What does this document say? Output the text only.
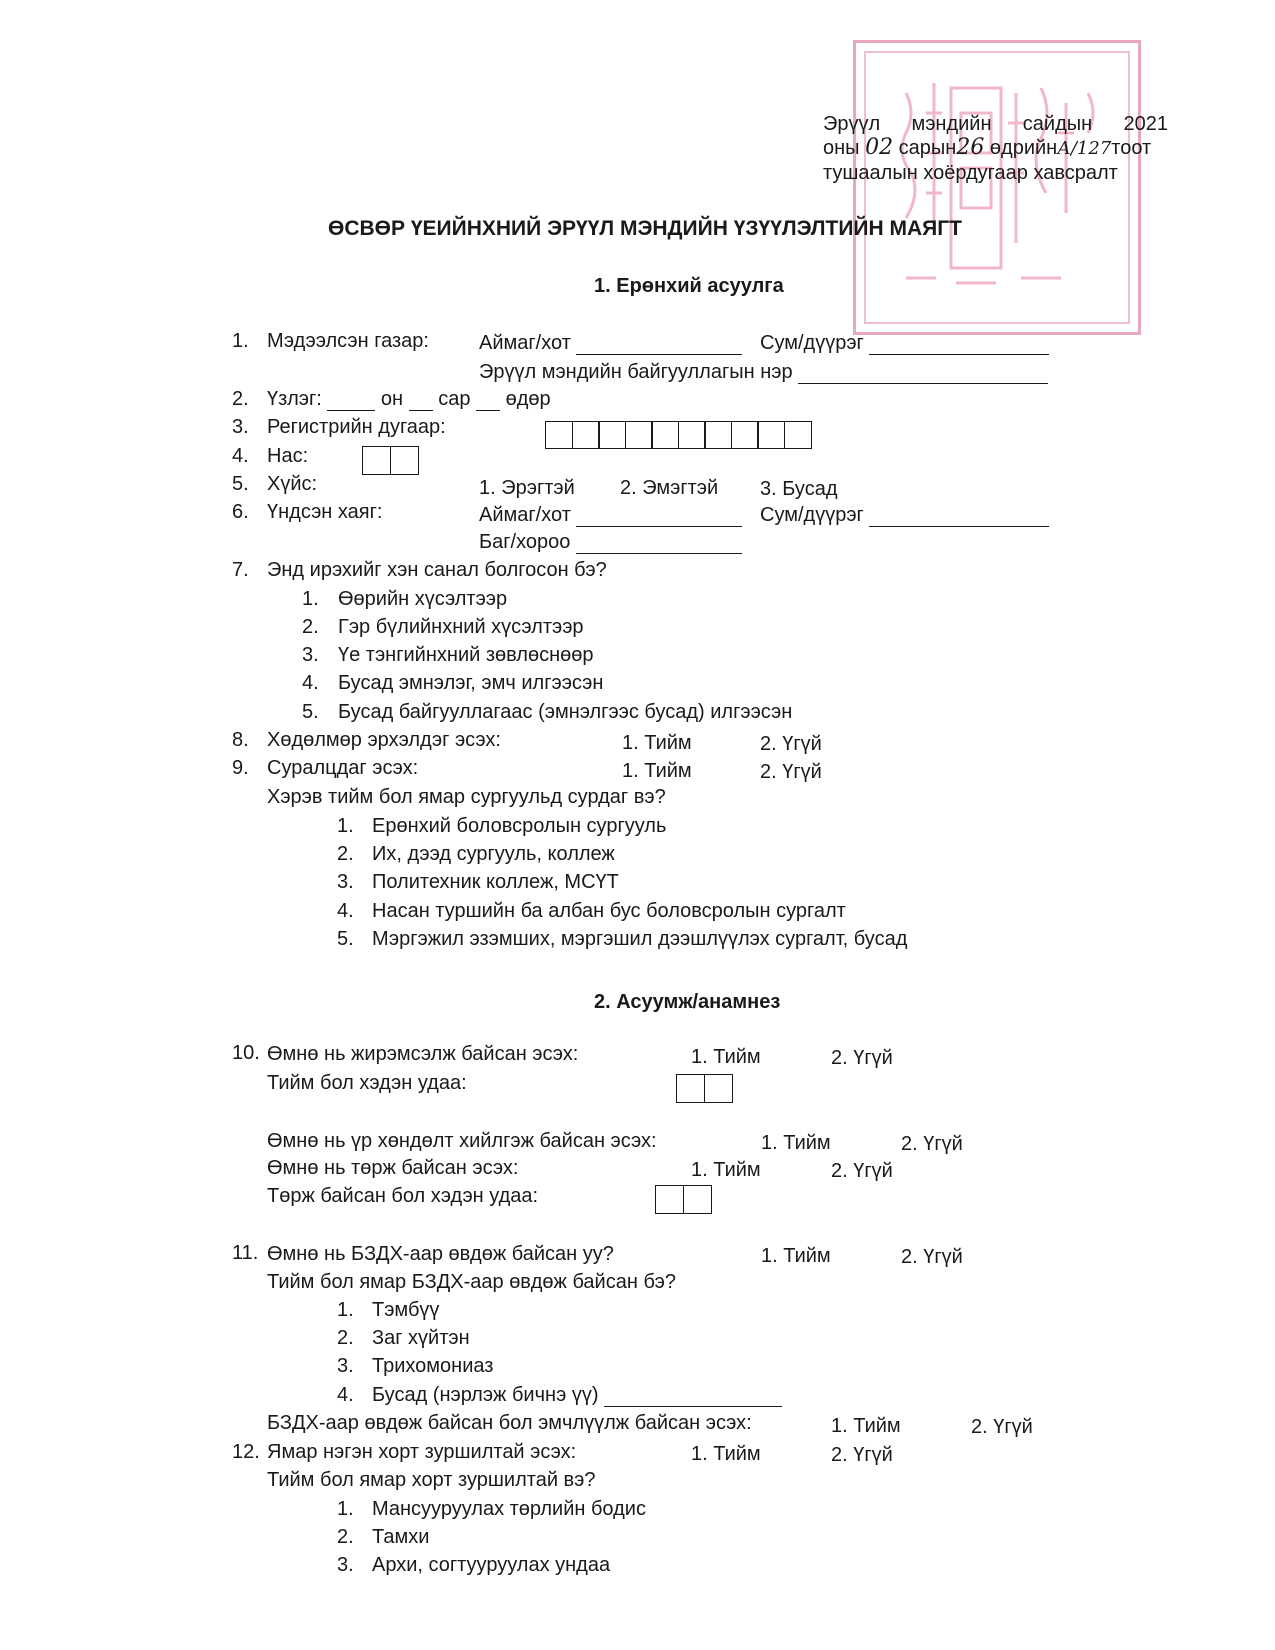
Эрүүл мэндийн сайдын 2021
оны 02 сарын26 өдрийнА/127тоот
тушаалын хоёрдугаар хавсралт
ӨСВӨР ҮЕИЙНХНИЙ ЭРҮҮЛ МЭНДИЙН ҮЗҮҮЛЭЛТИЙН МАЯГТ
1. Ерөнхий асуулга
1. Мэдээлсэн газар:	Аймаг/хот	Сум/дүүрэг
Эрүүл мэндийн байгууллагын нэр
2. Үзлэг:	он сар өдөр
3. Регистрийн дугаар:
4. Нас:
5. Хүйс:	1. Эрэгтэй 2. Эмэгтэй 3. Бусад
6. Үндсэн хаяг:	Аймаг/хот	Сум/дүүрэг
Баг/хороо
7. Энд ирэхийг хэн санал болгосон бэ?
1. Өөрийн хүсэлтээр
2. Гэр бүлийнхний хүсэлтээр
3. Үе тэнгийнхний зөвлөснөөр
4. Бусад эмнэлэг, эмч илгээсэн
5. Бусад байгууллагаас (эмнэлгээс бусад) илгээсэн
8. Хөдөлмөр эрхэлдэг эсэх:	1. Тийм	2. Үгүй
9. Суралцдаг эсэх:	1. Тийм	2. Үгүй
Хэрэв тийм бол ямар сургуульд сурдаг вэ?
1. Ерөнхий боловсролын сургууль
2. Их, дээд сургууль, коллеж
3. Политехник коллеж, МСҮТ
4. Насан туршийн ба албан бус боловсролын сургалт
5. Мэргэжил эзэмших, мэргэшил дээшлүүлэх сургалт, бусад
2. Асуумж/анамнез
10. Өмнө нь жирэмсэлж байсан эсэх:	1. Тийм	2. Үгүй
Тийм бол хэдэн удаа:
Өмнө нь үр хөндөлт хийлгэж байсан эсэх:	1. Тийм	2. Үгүй
Өмнө нь төрж байсан эсэх:	1. Тийм	2. Үгүй
Төрж байсан бол хэдэн удаа:
11. Өмнө нь БЗДХ-аар өвдөж байсан уу?	1. Тийм	2. Үгүй
Тийм бол ямар БЗДХ-аар өвдөж байсан бэ?
1. Тэмбүү
2. Заг хүйтэн
3. Трихомониаз
4. Бусад (нэрлэж бичнэ үү)
БЗДХ-аар өвдөж байсан бол эмчлүүлж байсан эсэх:	1. Тийм	2. Үгүй
12. Ямар нэгэн хорт зуршилтай эсэх:	1. Тийм	2. Үгүй
Тийм бол ямар хорт зуршилтай вэ?
1. Мансууруулах төрлийн бодис
2. Тамхи
3. Архи, согтууруулах ундаа
